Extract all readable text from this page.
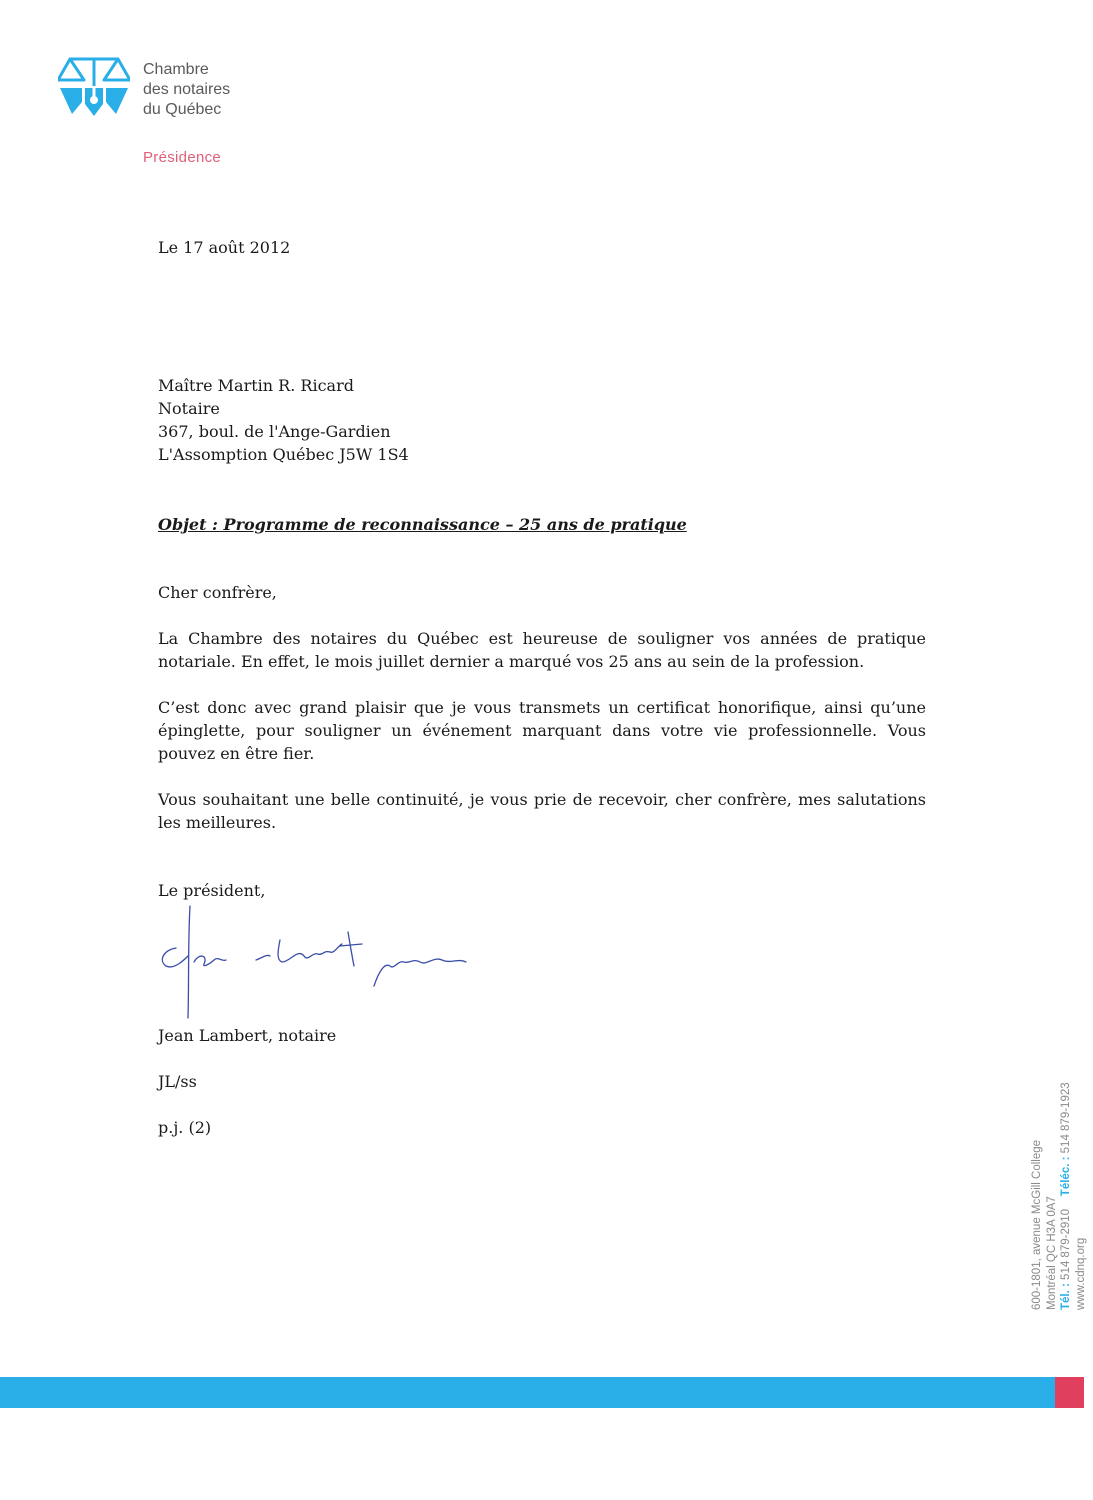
Chambre
des notaires
du Québec
Présidence
Le 17 août 2012
Maître Martin R. Ricard
Notaire
367, boul. de l'Ange-Gardien
L'Assomption Québec J5W 1S4
Objet : Programme de reconnaissance – 25 ans de pratique
Cher confrère,
La Chambre des notaires du Québec est heureuse de souligner vos années de pratique notariale. En effet, le mois juillet dernier a marqué vos 25 ans au sein de la profession.
C’est donc avec grand plaisir que je vous transmets un certificat honorifique, ainsi qu’une épinglette, pour souligner un événement marquant dans votre vie professionnelle. Vous pouvez en être fier.
Vous souhaitant une belle continuité, je vous prie de recevoir, cher confrère, mes salutations les meilleures.
Le président,
Jean Lambert, notaire
JL/ss
p.j. (2)
600-1801, avenue McGill College Montréal QC H3A 0A7 Tél. : 514 879-2910    Téléc. : 514 879-1923
www.cdnq.org
